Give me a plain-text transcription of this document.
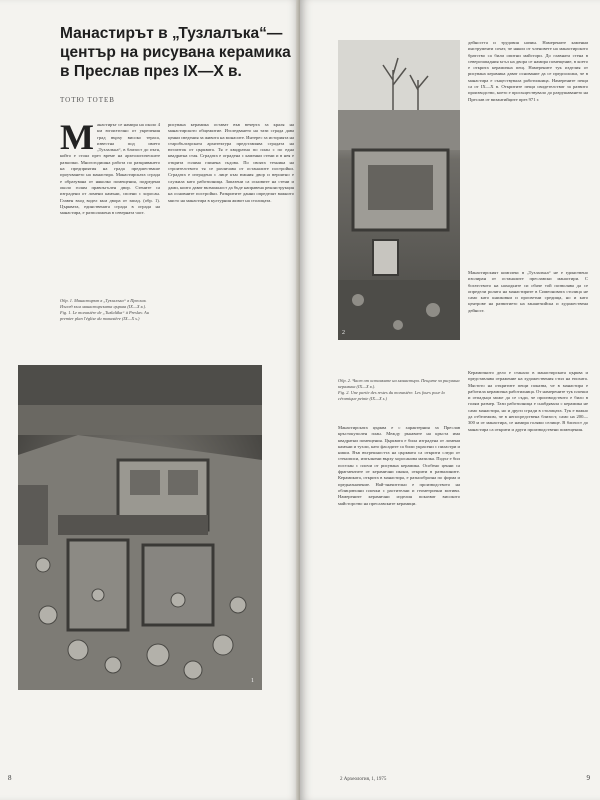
Манастирът в „Тузлалъка“—център на рисувана керамика в Преслав през IX—X в.
ТОТЮ ТОТЕВ
М анастирът се намира на около 4 км югоизточно от укрепения град върху високо тераса, известна под името „Тузлалъка“, в близост до пътя, който е стоял през време на археологическите разкопки. Многогодишна работа по разкриването на предприятия на града предшестваше проучването на манастира. Манастирската сграда е образувана от няколко помещения, подредени около голям правоъгълен двор. Стените са изградени от ломени камъни, споени с хоросан. Главен вход водел към двора от запад. (обр. 1). Църквата, единствената сграда в ограда на манастира, е разположена в северната част.
Обр. 1. Манастирът в „Тузлалъка“ в Преслав. Изглед към манастирската църква (IX—X в.).
Fig. 1. Le monastère de „Tuzlalăka“ à Preslav. Au premier plan l'église du monastère (IX—X s.)
рисувана керамика остават във вечерта за краля на манастирското общежитие. Изследването на тази сграда дава ценни сведения за живота на монасите. Интерес за историята на старобългарската архитектура представлява сградата на югоизток от църквата. Тя е квадратна по план с по една квадратна стая. Сградата е оградена с каменни стени и в нея е открита голяма глинена съдова. По своята техника на строителството тя се различава от останалите постройки. Сградата е изградена с лице към южния двор и вероятно е служила като работилница. Запазени са основите на стени и дами, които дават възможност да бъде направена реконструкция на основните постройки. Разкритите данни определят важното място на манастира в културния живот на столицата.
1
8
2
дейността и трудовия начин. Намерените каменни инструменти сочат, че някои от членовете на манастирското братство са били опитни майстори. До главната стена в северозападния ъгъл на двора се намира помещение, в което е открита керамична пещ. Намерените тук изделия от рисувана керамика дават основание да се предположи, че в манастира е съществувала работилница. Намерените пещи са от IX—X в. Откритите пещи свидетелстват за развито производство, което е просъществувало до разрушаването на Преслав от византийците през 971 г.
Манастирският комплекс в „Тузлалъка“ не е единствено изолиран от останалите преславски манастири. С богатството на находките си обаче той позволява да се определи ролята на манастирите в Симеоновата столица не само като книжовни и просветни средища, но и като центрове на развитието на занаятчийска и художествена дейност.
Обр. 2. Част от останките на манастира. Пещите за рисувана керамика (IX—X в.).
Fig. 2. Une partie des restes du monastère. Les fours pour la céramique peinte (IX—X s.)
Манастирската църква е с характерния за Преслав кръстокуполен план. Между ръкавите на кръста има квадратни помещения. Църквата е била изградена от ломени камъни и тухли, като фасадите са били украсени с пиластри и ниши. Във вътрешността на църквата са открити следи от стенописи, изпълнени върху хоросанова мазилка. Подът е бил постлан с плочи от рисувана керамика. Особено ценни са фрагментите от керамични икони, открити в развалините. Керамиката, открита в манастира, е разнообразна по форма и предназначение. Най-значително е производството на облицовъчни плочки с растителни и геометрични мотиви. Намерените керамични изделия показват високото майсторство на преславските керамици.
Керамичното дело е станало в манастирската църква и представлява отражение на художествения стил на епохата. Мястото на откритите пещи показва, че в манастира е работила керамична работилница. От намерените тук плочки и отпадъци може да се съди, че производството е било в голям размер. Тази работилница е снабдявала с керамика не само манастира, но и други сгради в столицата. Тук е важно да отбележим, че в непосредствена близост, само на 200—300 м от манастира, се намира голямо селище. В близост до манастира са открити и други производствени помещения.
2 Археология, 1, 1975	9
